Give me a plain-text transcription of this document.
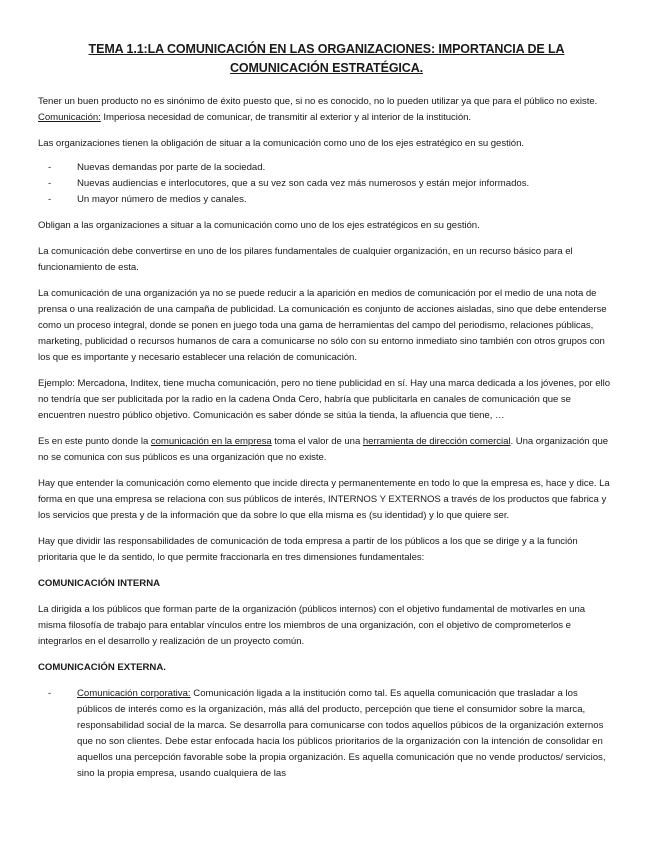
TEMA 1.1:LA COMUNICACIÓN EN LAS ORGANIZACIONES: IMPORTANCIA DE LA COMUNICACIÓN ESTRATÉGICA.

Tener un buen producto no es sinónimo de éxito puesto que, si no es conocido, no lo pueden utilizar ya que para el público no existe. Comunicación: Imperiosa necesidad de comunicar, de transmitir al exterior y al interior de la institución.

Las organizaciones tienen la obligación de situar a la comunicación como uno de los ejes estratégico en su gestión.

- Nuevas demandas por parte de la sociedad.
- Nuevas audiencias e interlocutores, que a su vez son cada vez más numerosos y están mejor informados.
- Un mayor número de medios y canales.

Obligan a las organizaciones a situar a la comunicación como uno de los ejes estratégicos en su gestión.

La comunicación debe convertirse en uno de los pilares fundamentales de cualquier organización, en un recurso básico para el funcionamiento de esta.

La comunicación de una organización ya no se puede reducir a la aparición en medios de comunicación por el medio de una nota de prensa o una realización de una campaña de publicidad. La comunicación es conjunto de acciones aisladas, sino que debe entenderse como un proceso integral, donde se ponen en juego toda una gama de herramientas del campo del periodismo, relaciones públicas, marketing, publicidad o recursos humanos de cara a comunicarse no sólo con su entorno inmediato sino también con otros grupos con los que es importante y necesario establecer una relación de comunicación.

Ejemplo: Mercadona, Inditex, tiene mucha comunicación, pero no tiene publicidad en sí. Hay una marca dedicada a los jóvenes, por ello no tendría que ser publicitada por la radio en la cadena Onda Cero, habría que publicitarla en canales de comunicación que se encuentren nuestro público objetivo. Comunicación es saber dónde se sitúa la tienda, la afluencia que tiene, …

Es en este punto donde la comunicación en la empresa toma el valor de una herramienta de dirección comercial. Una organización que no se comunica con sus públicos es una organización que no existe.

Hay que entender la comunicación como elemento que incide directa y permanentemente en todo lo que la empresa es, hace y dice. La forma en que una empresa se relaciona con sus públicos de interés, INTERNOS Y EXTERNOS a través de los productos que fabrica y los servicios que presta y de la información que da sobre lo que ella misma es (su identidad) y lo que quiere ser.

Hay que dividir las responsabilidades de comunicación de toda empresa a partir de los públicos a los que se dirige y a la función prioritaria que le da sentido, lo que permite fraccionarla en tres dimensiones fundamentales:

COMUNICACIÓN INTERNA

La dirigida a los públicos que forman parte de la organización (públicos internos) con el objetivo fundamental de motivarles en una misma filosofía de trabajo para entablar vínculos entre los miembros de una organización, con el objetivo de comprometerlos e integrarlos en el desarrollo y realización de un proyecto común.

COMUNICACIÓN EXTERNA.
-	Comunicación corporativa: Comunicación ligada a la institución como tal. Es aquella comunicación que trasladar a los públicos de interés como es la organización, más allá del producto, percepción que tiene el consumidor sobre la marca, responsabilidad social de la marca. Se desarrolla para comunicarse con todos aquellos púbicos de la organización externos que no son clientes. Debe estar enfocada hacia los públicos prioritarios de la organización con la intención de consolidar en aquellos una percepción favorable sobe la propia organización. Es aquella comunicación que no vende productos/ servicios, sino la propia empresa, usando cualquiera de las
